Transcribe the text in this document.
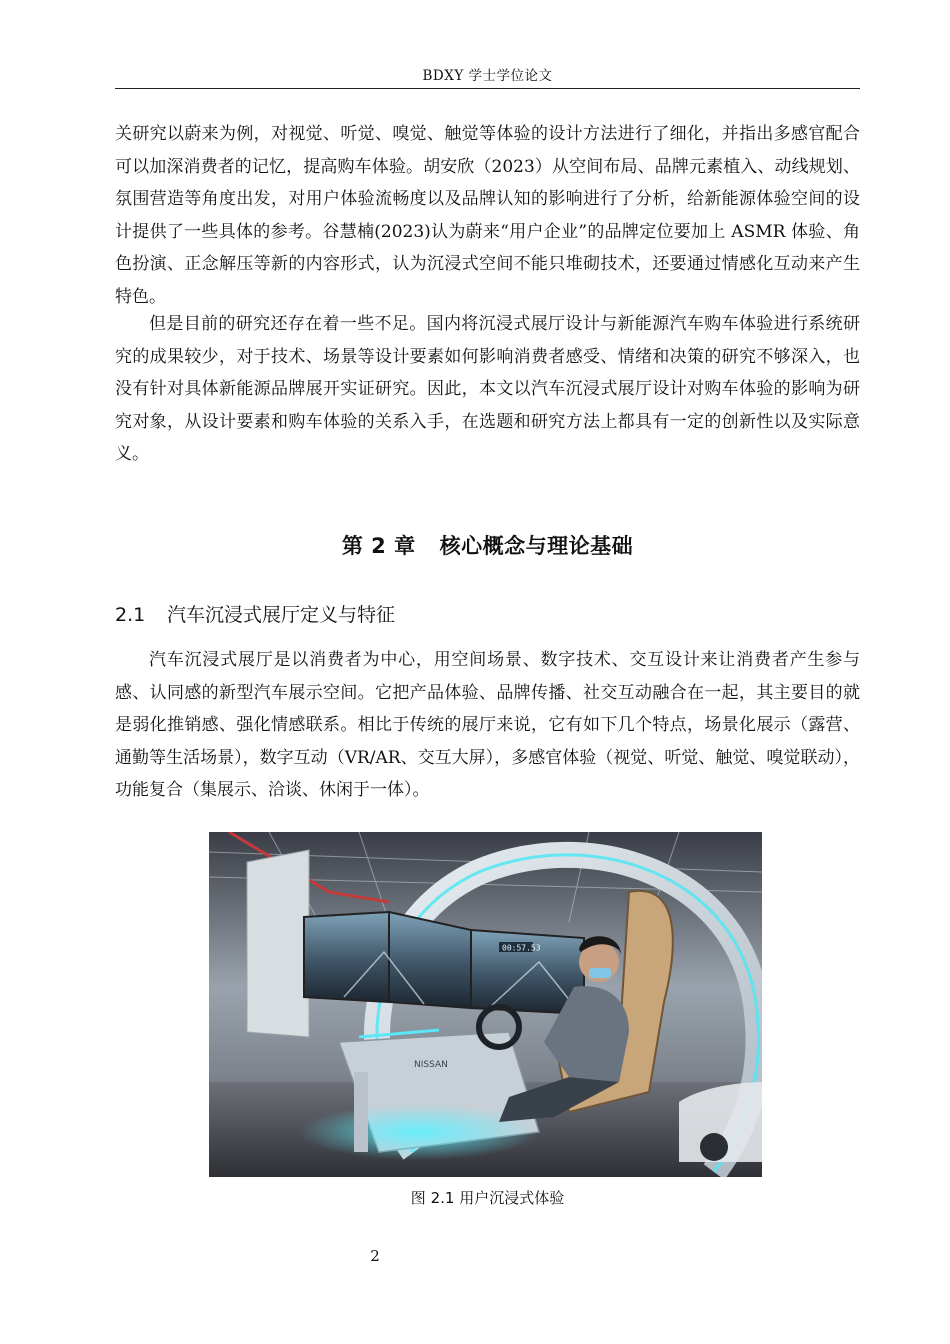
BDXY 学士学位论文

关研究以蔚来为例，对视觉、听觉、嗅觉、触觉等体验的设计方法进行了细化，并指出多感官配合可以加深消费者的记忆，提高购车体验。胡安欣（2023）从空间布局、品牌元素植入、动线规划、氛围营造等角度出发，对用户体验流畅度以及品牌认知的影响进行了分析，给新能源体验空间的设计提供了一些具体的参考。谷慧楠(2023)认为蔚来“用户企业”的品牌定位要加上 ASMR 体验、角色扮演、正念解压等新的内容形式，认为沉浸式空间不能只堆砌技术，还要通过情感化互动来产生特色。

但是目前的研究还存在着一些不足。国内将沉浸式展厅设计与新能源汽车购车体验进行系统研究的成果较少，对于技术、场景等设计要素如何影响消费者感受、情绪和决策的研究不够深入，也没有针对具体新能源品牌展开实证研究。因此，本文以汽车沉浸式展厅设计对购车体验的影响为研究对象，从设计要素和购车体验的关系入手，在选题和研究方法上都具有一定的创新性以及实际意义。

第 2 章 核心概念与理论基础
2.1 汽车沉浸式展厅定义与特征

汽车沉浸式展厅是以消费者为中心，用空间场景、数字技术、交互设计来让消费者产生参与感、认同感的新型汽车展示空间。它把产品体验、品牌传播、社交互动融合在一起，其主要目的就是弱化推销感、强化情感联系。相比于传统的展厅来说，它有如下几个特点，场景化展示（露营、通勤等生活场景），数字互动（VR/AR、交互大屏），多感官体验（视觉、听觉、触觉、嗅觉联动），功能复合（集展示、洽谈、休闲于一体）。

00:57.53
NISSAN
图 2.1 用户沉浸式体验
2
